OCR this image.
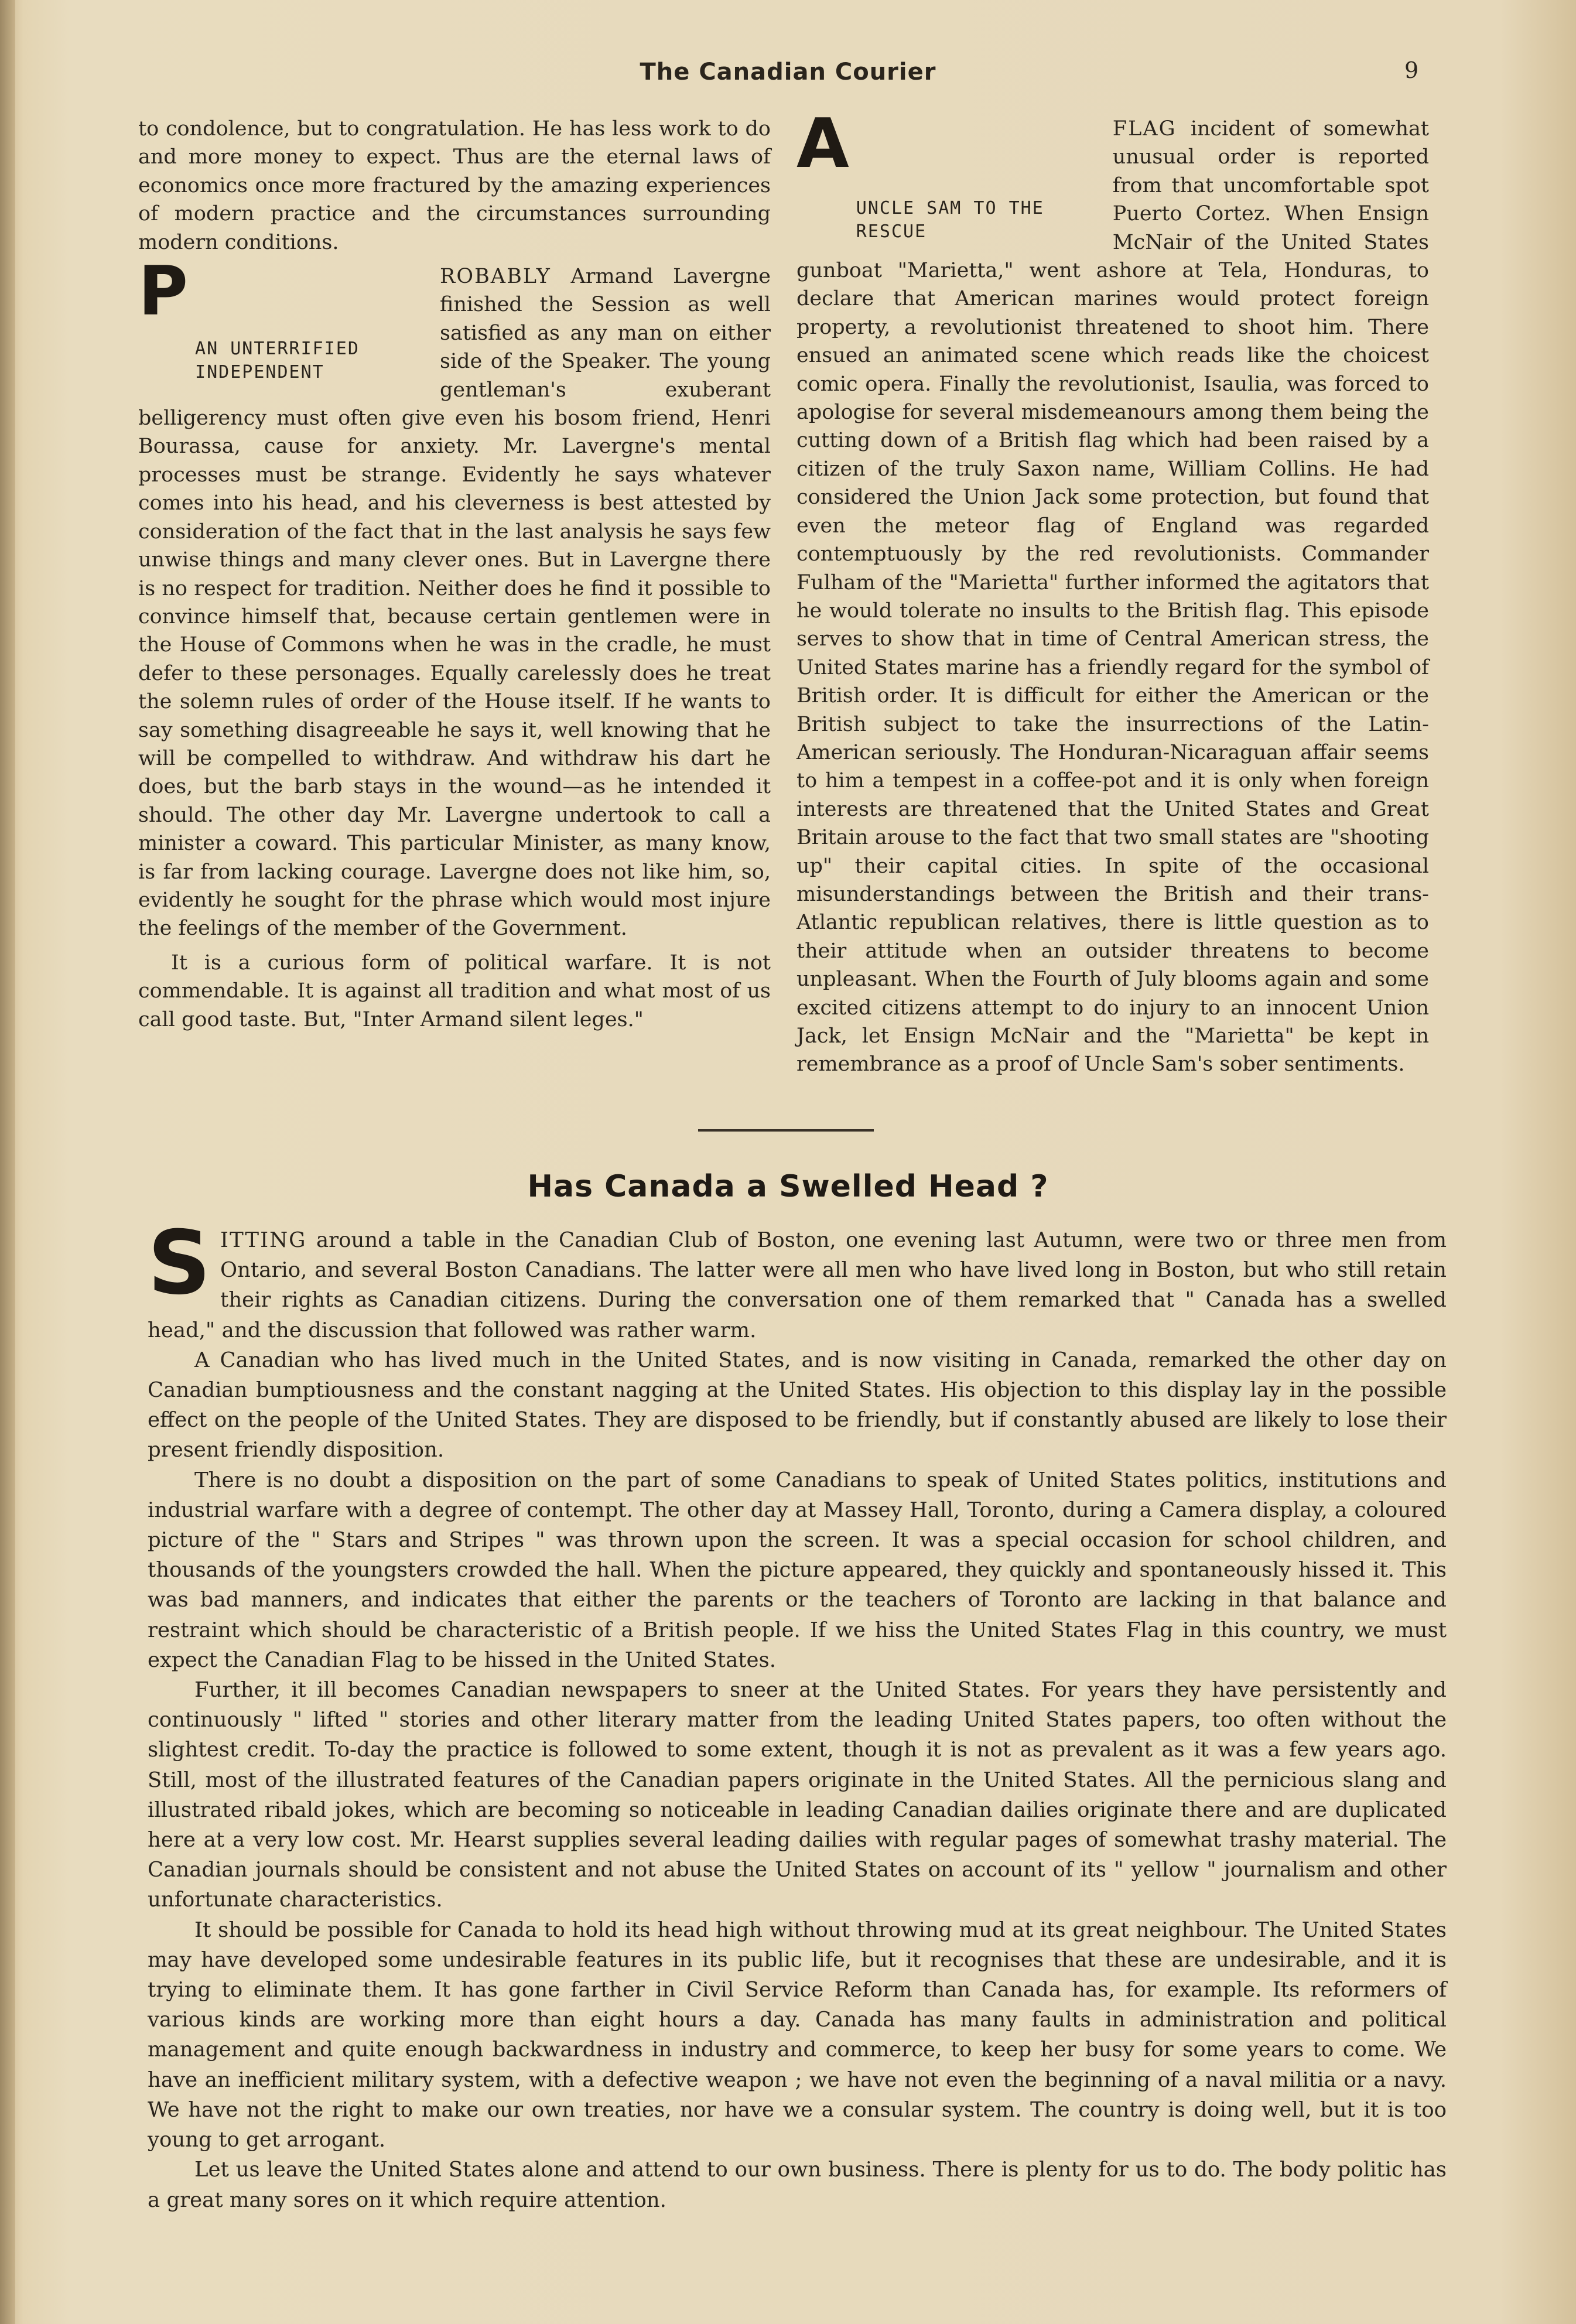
The Canadian Courier	9

to condolence, but to congratulation. He has less work to do and more money to expect. Thus are the eternal laws of economics once more fractured by the amazing experiences of modern practice and the circumstances surrounding modern conditions.

P
AN UNTERRIFIED INDEPENDENT
ROBABLY Armand Lavergne finished the Session as well satisfied as any man on either side of the Speaker. The young gentleman's exuberant belligerency must often give even his bosom friend, Henri Bourassa, cause for anxiety. Mr. Lavergne's mental processes must be strange. Evidently he says whatever comes into his head, and his cleverness is best attested by consideration of the fact that in the last analysis he says few unwise things and many clever ones. But in Lavergne there is no respect for tradition. Neither does he find it possible to convince himself that, because certain gentlemen were in the House of Commons when he was in the cradle, he must defer to these personages. Equally carelessly does he treat the solemn rules of order of the House itself. If he wants to say something disagreeable he says it, well knowing that he will be compelled to withdraw. And withdraw his dart he does, but the barb stays in the wound—as he intended it should. The other day Mr. Lavergne undertook to call a minister a coward. This particular Minister, as many know, is far from lacking courage. Lavergne does not like him, so, evidently he sought for the phrase which would most injure the feelings of the member of the Government.

It is a curious form of political warfare. It is not commendable. It is against all tradition and what most of us call good taste. But, "Inter Armand silent leges."

A
UNCLE SAM TO THE RESCUE
FLAG incident of somewhat unusual order is reported from that uncomfortable spot Puerto Cortez. When Ensign McNair of the United States gunboat "Marietta," went ashore at Tela, Honduras, to declare that American marines would protect foreign property, a revolutionist threatened to shoot him. There ensued an animated scene which reads like the choicest comic opera. Finally the revolutionist, Isaulia, was forced to apologise for several misdemeanours among them being the cutting down of a British flag which had been raised by a citizen of the truly Saxon name, William Collins. He had considered the Union Jack some protection, but found that even the meteor flag of England was regarded contemptuously by the red revolutionists. Commander Fulham of the "Marietta" further informed the agitators that he would tolerate no insults to the British flag. This episode serves to show that in time of Central American stress, the United States marine has a friendly regard for the symbol of British order. It is difficult for either the American or the British subject to take the insurrections of the Latin-American seriously. The Honduran-Nicaraguan affair seems to him a tempest in a coffee-pot and it is only when foreign interests are threatened that the United States and Great Britain arouse to the fact that two small states are "shooting up" their capital cities. In spite of the occasional misunderstandings between the British and their trans-Atlantic republican relatives, there is little question as to their attitude when an outsider threatens to become unpleasant. When the Fourth of July blooms again and some excited citizens attempt to do injury to an innocent Union Jack, let Ensign McNair and the "Marietta" be kept in remembrance as a proof of Uncle Sam's sober sentiments.

Has Canada a Swelled Head ?

S ITTING around a table in the Canadian Club of Boston, one evening last Autumn, were two or three men from Ontario, and several Boston Canadians. The latter were all men who have lived long in Boston, but who still retain their rights as Canadian citizens. During the conversation one of them remarked that " Canada has a swelled head," and the discussion that followed was rather warm.

A Canadian who has lived much in the United States, and is now visiting in Canada, remarked the other day on Canadian bumptiousness and the constant nagging at the United States. His objection to this display lay in the possible effect on the people of the United States. They are disposed to be friendly, but if constantly abused are likely to lose their present friendly disposition.

There is no doubt a disposition on the part of some Canadians to speak of United States politics, institutions and industrial warfare with a degree of contempt. The other day at Massey Hall, Toronto, during a Camera display, a coloured picture of the " Stars and Stripes " was thrown upon the screen. It was a special occasion for school children, and thousands of the youngsters crowded the hall. When the picture appeared, they quickly and spontaneously hissed it. This was bad manners, and indicates that either the parents or the teachers of Toronto are lacking in that balance and restraint which should be characteristic of a British people. If we hiss the United States Flag in this country, we must expect the Canadian Flag to be hissed in the United States.

Further, it ill becomes Canadian newspapers to sneer at the United States. For years they have persistently and continuously " lifted " stories and other literary matter from the leading United States papers, too often without the slightest credit. To-day the practice is followed to some extent, though it is not as prevalent as it was a few years ago. Still, most of the illustrated features of the Canadian papers originate in the United States. All the pernicious slang and illustrated ribald jokes, which are becoming so noticeable in leading Canadian dailies originate there and are duplicated here at a very low cost. Mr. Hearst supplies several leading dailies with regular pages of somewhat trashy material. The Canadian journals should be consistent and not abuse the United States on account of its " yellow " journalism and other unfortunate characteristics.

It should be possible for Canada to hold its head high without throwing mud at its great neighbour. The United States may have developed some undesirable features in its public life, but it recognises that these are undesirable, and it is trying to eliminate them. It has gone farther in Civil Service Reform than Canada has, for example. Its reformers of various kinds are working more than eight hours a day. Canada has many faults in administration and political management and quite enough backwardness in industry and commerce, to keep her busy for some years to come. We have an inefficient military system, with a defective weapon ; we have not even the beginning of a naval militia or a navy. We have not the right to make our own treaties, nor have we a consular system. The country is doing well, but it is too young to get arrogant.

Let us leave the United States alone and attend to our own business. There is plenty for us to do. The body politic has a great many sores on it which require attention.
